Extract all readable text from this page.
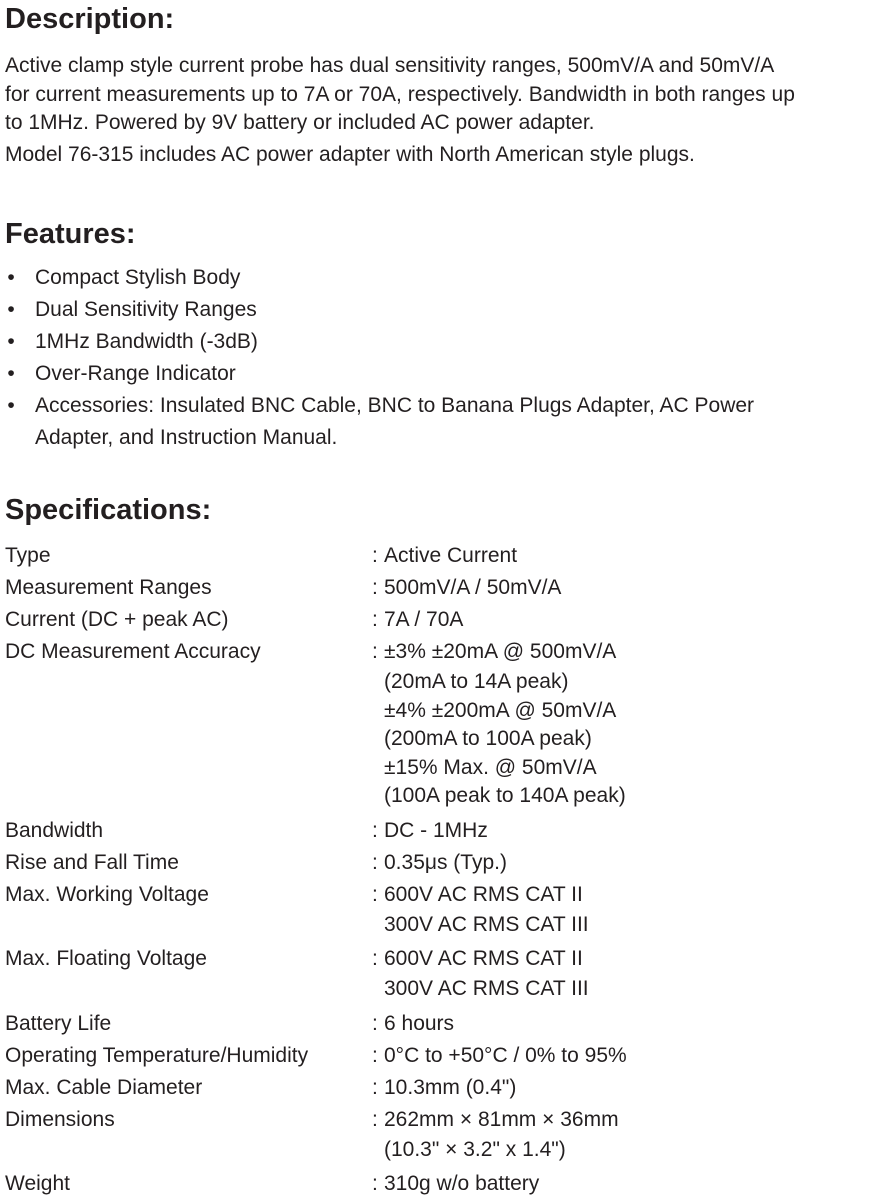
Description:

Active clamp style current probe has dual sensitivity ranges, 500mV/A and 50mV/A

for current measurements up to 7A or 70A, respectively. Bandwidth in both ranges up

to 1MHz. Powered by 9V battery or included AC power adapter.

Model 76-315 includes AC power adapter with North American style plugs.

Features:
• Compact Stylish Body
• Dual Sensitivity Ranges
• 1MHz Bandwidth (-3dB)
• Over-Range Indicator
• Accessories: Insulated BNC Cable, BNC to Banana Plugs Adapter, AC Power
Adapter, and Instruction Manual.
Specifications:
Type	: Active Current
Measurement Ranges	: 500mV/A / 50mV/A
Current (DC + peak AC)	: 7A / 70A
DC Measurement Accuracy	: ±3% ±20mA @ 500mV/A
(20mA to 14A peak)
±4% ±200mA @ 50mV/A
(200mA to 100A peak)
±15% Max. @ 50mV/A
(100A peak to 140A peak)
Bandwidth	: DC - 1MHz
Rise and Fall Time	: 0.35μs (Typ.)
Max. Working Voltage	: 600V AC RMS CAT II
300V AC RMS CAT III
Max. Floating Voltage	: 600V AC RMS CAT II
300V AC RMS CAT III
Battery Life	: 6 hours
Operating Temperature/Humidity	: 0°C to +50°C / 0% to 95%
Max. Cable Diameter	: 10.3mm (0.4")
Dimensions	: 262mm × 81mm × 36mm
(10.3" × 3.2" x 1.4")
Weight	: 310g w/o battery
